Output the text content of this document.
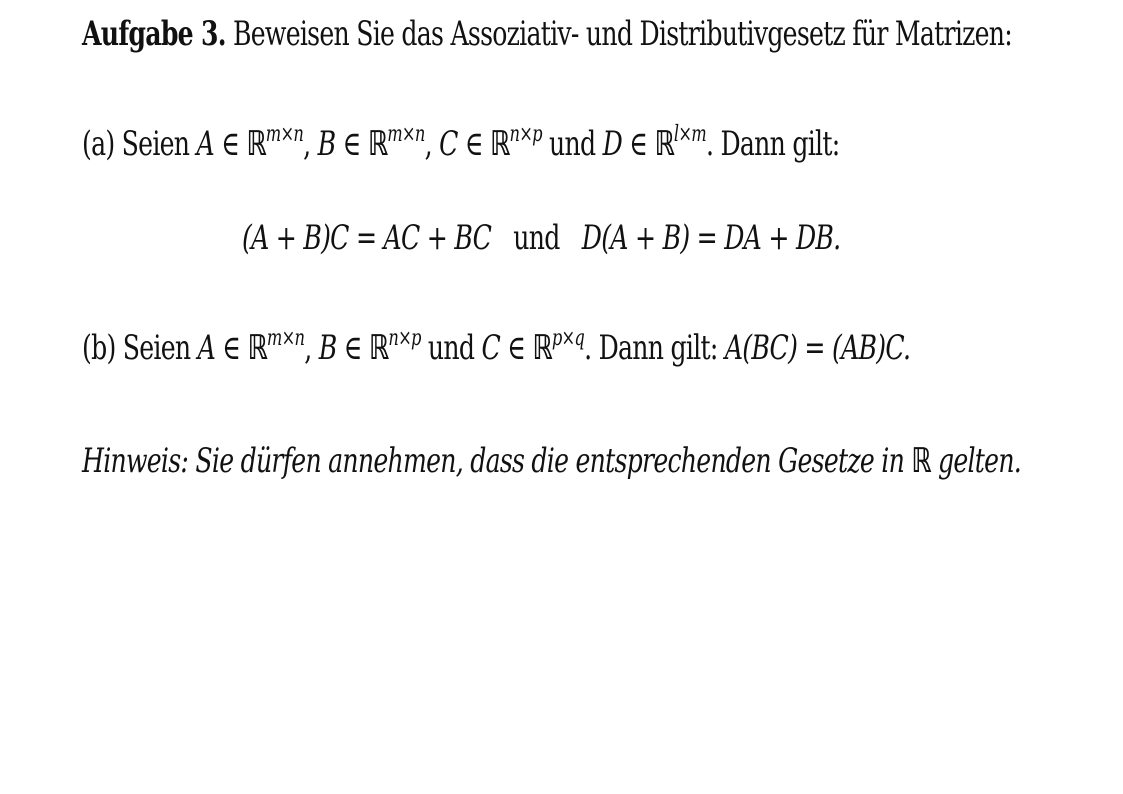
Aufgabe 3. Beweisen Sie das Assoziativ- und Distributivgesetz für Matrizen:
(a) Seien A ∈ ℝ$^{m\times n}$, B ∈ ℝ$^{m\times n}$, C ∈ ℝ$^{n\times p}$ und D ∈ ℝ$^{l\times m}$. Dann gilt:
(A + B)C = AC + BC und D(A + B) = DA + DB.
(b) Seien A ∈ ℝ$^{m\times n}$, B ∈ ℝ$^{n\times p}$ und C ∈ ℝ$^{p\times q}$. Dann gilt: A(BC) = (AB)C.
Hinweis: Sie dürfen annehmen, dass die entsprechenden Gesetze in ℝ gelten.
